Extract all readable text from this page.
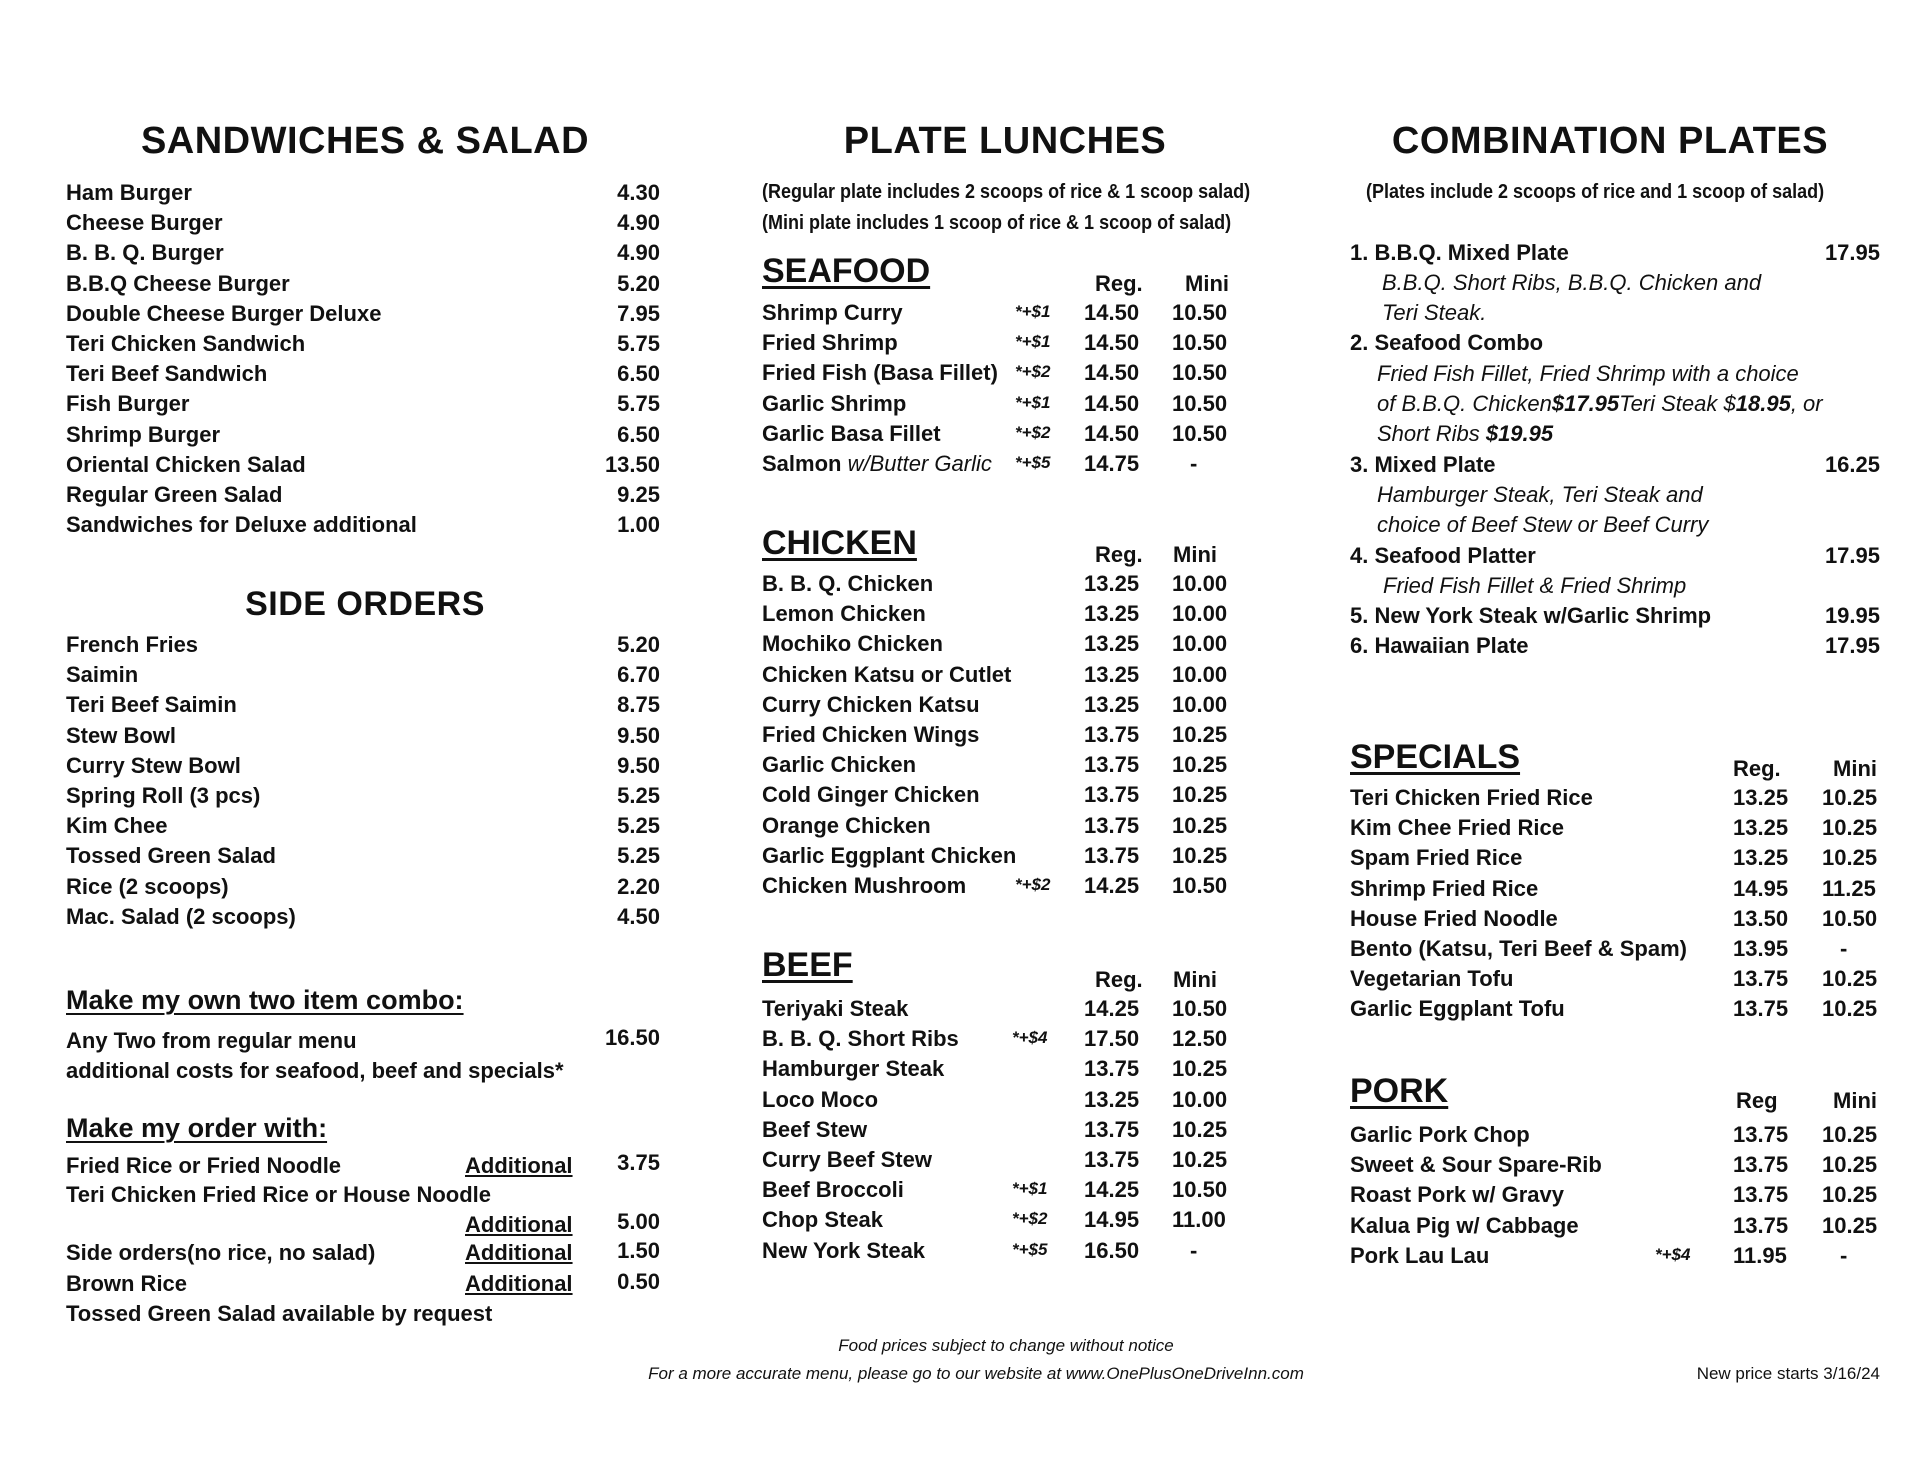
SANDWICHES & SALAD
Ham Burger	4.30
Cheese Burger	4.90
B. B. Q. Burger	4.90
B.B.Q Cheese Burger	5.20
Double Cheese Burger Deluxe	7.95
Teri Chicken Sandwich	5.75
Teri Beef Sandwich	6.50
Fish Burger	5.75
Shrimp Burger	6.50
Oriental Chicken Salad	13.50
Regular Green Salad	9.25
Sandwiches for Deluxe additional	1.00
SIDE ORDERS
French Fries	5.20
Saimin	6.70
Teri Beef Saimin	8.75
Stew Bowl	9.50
Curry Stew Bowl	9.50
Spring Roll (3 pcs)	5.25
Kim Chee	5.25
Tossed Green Salad	5.25
Rice (2 scoops)	2.20
Mac. Salad (2 scoops)	4.50
Make my own two item combo:
Any Two from regular menu	16.50
additional costs for seafood, beef and specials*
Make my order with:
Fried Rice or Fried Noodle	Additional	3.75
Teri Chicken Fried Rice or House Noodle
Additional	5.00
Side orders(no rice, no salad)	Additional	1.50
Brown Rice	Additional	0.50
Tossed Green Salad available by request
PLATE LUNCHES
(Regular plate includes 2 scoops of rice & 1 scoop salad)
(Mini plate includes 1 scoop of rice & 1 scoop of salad)
SEAFOOD	Reg. Mini
Shrimp Curry	*+$1 14.50 10.50
Fried Shrimp	*+$1 14.50 10.50
Fried Fish (Basa Fillet) *+$2 14.50 10.50
Garlic Shrimp	*+$1 14.50 10.50
Garlic Basa Fillet	*+$2 14.50 10.50
Salmon w/Butter Garlic *+$5 14.75 -
CHICKEN	Reg. Mini
B. B. Q. Chicken	13.25 10.00
Lemon Chicken	13.25 10.00
Mochiko Chicken	13.25 10.00
Chicken Katsu or Cutlet	13.25 10.00
Curry Chicken Katsu	13.25 10.00
Fried Chicken Wings	13.75 10.25
Garlic Chicken	13.75 10.25
Cold Ginger Chicken	13.75 10.25
Orange Chicken	13.75 10.25
Garlic Eggplant Chicken	13.75 10.25
Chicken Mushroom	*+$2 14.25 10.50
BEEF	Reg. Mini
Teriyaki Steak	14.25 10.50
B. B. Q. Short Ribs	*+$4 17.50 12.50
Hamburger Steak	13.75 10.25
Loco Moco	13.25 10.00
Beef Stew	13.75 10.25
Curry Beef Stew	13.75 10.25
Beef Broccoli	*+$1 14.25 10.50
Chop Steak	*+$2 14.95 11.00
New York Steak	*+$5 16.50 -
Food prices subject to change without notice
For a more accurate menu, please go to our website at www.OnePlusOneDriveInn.com
COMBINATION PLATES
(Plates include 2 scoops of rice and 1 scoop of salad)
1. B.B.Q. Mixed Plate	17.95
B.B.Q. Short Ribs, B.B.Q. Chicken and
Teri Steak.
2. Seafood Combo
Fried Fish Fillet, Fried Shrimp with a choice
of B.B.Q. Chicken$17.95Teri Steak $18.95, or
Short Ribs $19.95
3. Mixed Plate	16.25
Hamburger Steak, Teri Steak and
choice of Beef Stew or Beef Curry
4. Seafood Platter	17.95
Fried Fish Fillet & Fried Shrimp
5. New York Steak w/Garlic Shrimp	19.95
6. Hawaiian Plate	17.95
SPECIALS	Reg. Mini
Teri Chicken Fried Rice	13.25 10.25
Kim Chee Fried Rice	13.25 10.25
Spam Fried Rice	13.25 10.25
Shrimp Fried Rice	14.95 11.25
House Fried Noodle	13.50 10.50
Bento (Katsu, Teri Beef & Spam) 13.95 -
Vegetarian Tofu	13.75 10.25
Garlic Eggplant Tofu	13.75 10.25
PORK	Reg	Mini
Garlic Pork Chop	13.75 10.25
Sweet & Sour Spare-Rib	13.75 10.25
Roast Pork w/ Gravy	13.75 10.25
Kalua Pig w/ Cabbage	13.75 10.25
Pork Lau Lau	*+$4 11.95 -
New price starts 3/16/24
